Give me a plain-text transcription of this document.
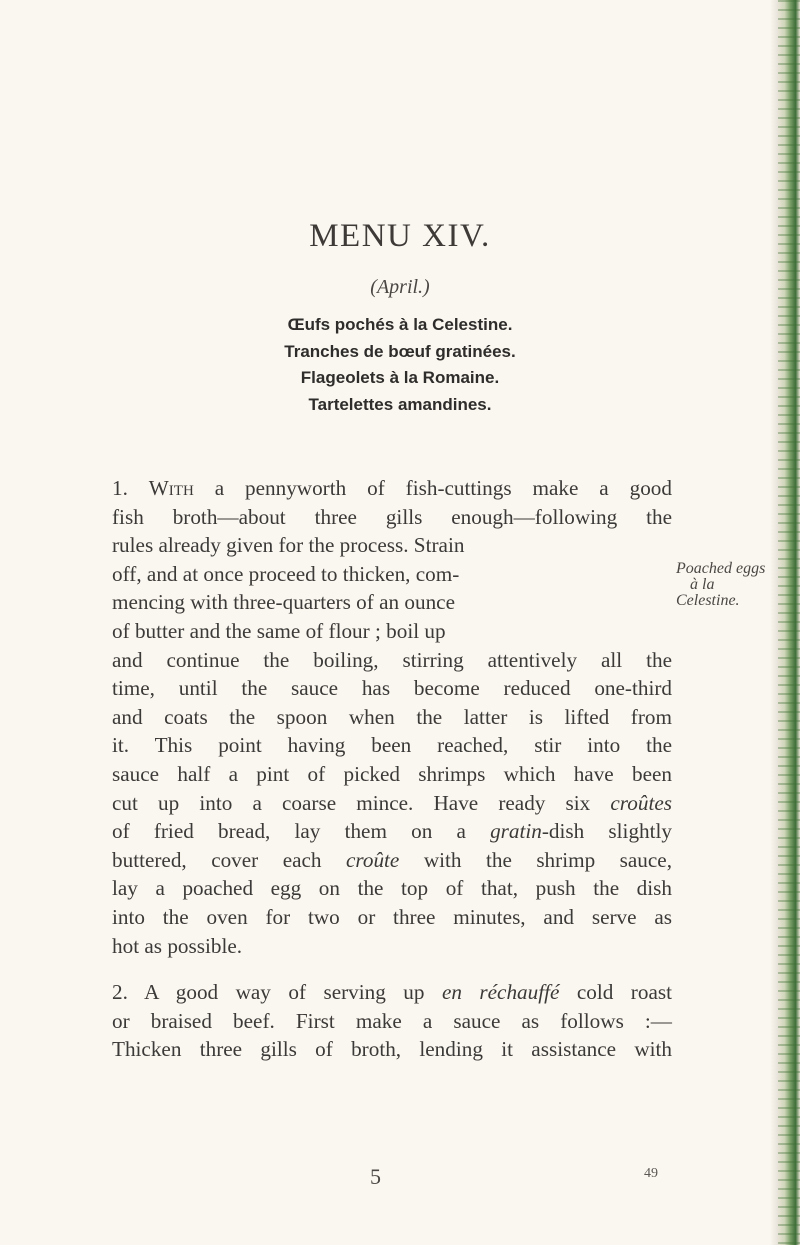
MENU XIV.
(April.)
Œufs pochés à la Celestine.
Tranches de bœuf gratinées.
Flageolets à la Romaine.
Tartelettes amandines.
1. With a pennyworth of fish-cuttings make a good
fish broth—about three gills enough—following the
rules already given for the process. Strain
off, and at once proceed to thicken, com-
mencing with three-quarters of an ounce
of butter and the same of flour ; boil up
and continue the boiling, stirring attentively all the
time, until the sauce has become reduced one-third
and coats the spoon when the latter is lifted from
it. This point having been reached, stir into the
sauce half a pint of picked shrimps which have been
cut up into a coarse mince. Have ready six croûtes
of fried bread, lay them on a gratin-dish slightly
buttered, cover each croûte with the shrimp sauce,
lay a poached egg on the top of that, push the dish
into the oven for two or three minutes, and serve as
hot as possible.
2. A good way of serving up en réchauffé cold roast
or braised beef. First make a sauce as follows :—
Thicken three gills of broth, lending it assistance with
Poached eggs
à la
Celestine.
5	49
